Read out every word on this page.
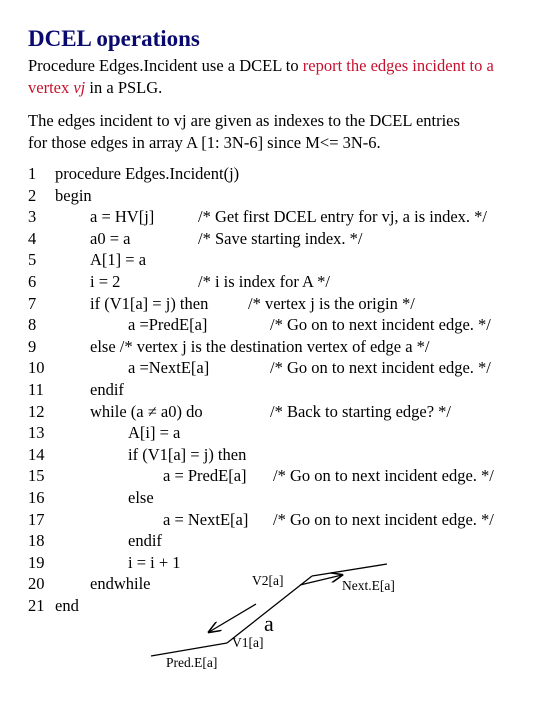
DCEL operations
Procedure Edges.Incident use a DCEL to report the edges incident to a
vertex vj in a PSLG.
The edges incident to vj are given as indexes to the DCEL entries
for those edges in array A [1: 3N-6] since M<= 3N-6.
1	procedure Edges.Incident(j)
2	begin
3	a = HV[j]	/* Get first DCEL entry for vj, a is index. */
4	a0 = a	/* Save starting index. */
5	A[1] = a
6	i = 2	/* i is index for A */
7	if (V1[a] = j) then /* vertex j is the origin */
8	a =PredE[a]	/* Go on to next incident edge. */
9	else /* vertex j is the destination vertex of edge a */
10	a =NextE[a]	/* Go on to next incident edge. */
11	endif
12	while (a ≠ a0) do	/* Back to starting edge? */
13	A[i] = a
14	if (V1[a] = j) then
15	a = PredE[a] /* Go on to next incident edge. */
16	else
17	a = NextE[a] /* Go on to next incident edge. */
18	endif
19	i = i + 1
20	endwhile
21 end
V2[a]	Next.E[a]
a
V1[a]
Pred.E[a]
